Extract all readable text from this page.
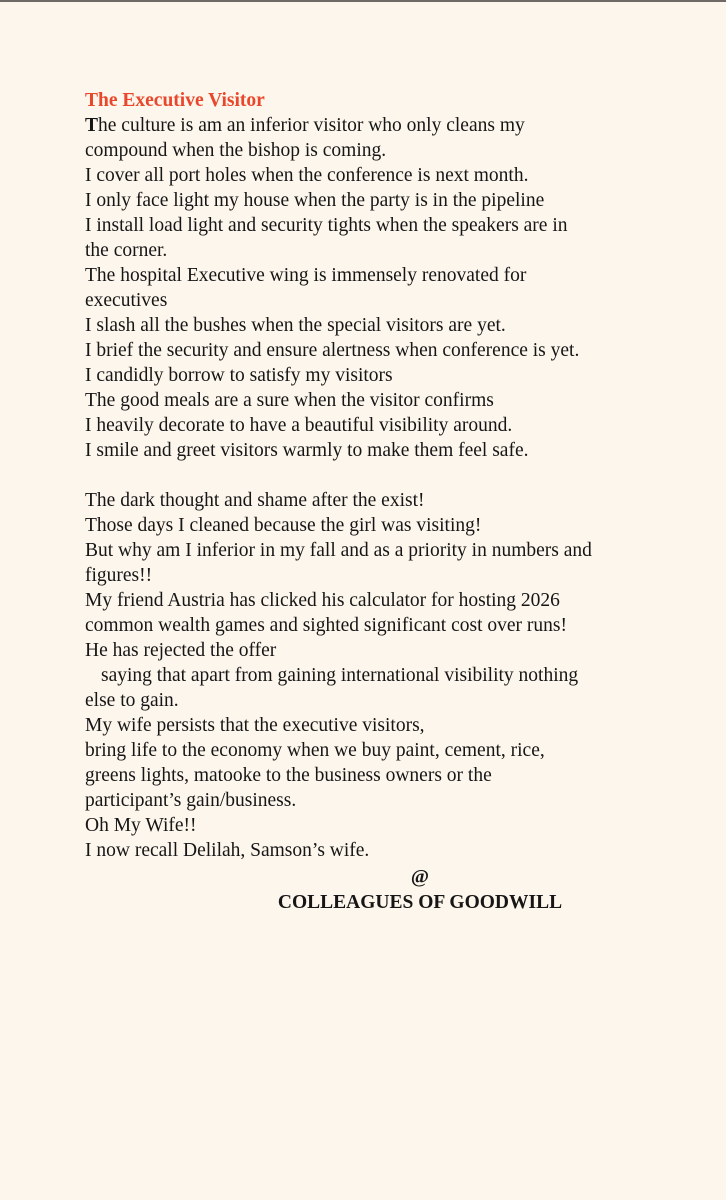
The Executive Visitor

The culture is am an inferior visitor who only cleans my
compound when the bishop is coming.
I cover all port holes when the conference is next month.
I only face light my house when the party is in the pipeline
I install load light and security tights when the speakers are in
the corner.
The hospital Executive wing is immensely renovated for
executives
I slash all the bushes when the special visitors are yet.
I brief the security and ensure alertness when conference is yet.
I candidly borrow to satisfy my visitors
The good meals are a sure when the visitor confirms
I heavily decorate to have a beautiful visibility around.
I smile and greet visitors warmly to make them feel safe.
The dark thought and shame after the exist!
Those days I cleaned because the girl was visiting!
But why am I inferior in my fall and as a priority in numbers and
figures!!
My friend Austria has clicked his calculator for hosting 2026
common wealth games and sighted significant cost over runs!
He has rejected the offer
saying that apart from gaining international visibility nothing
else to gain.
My wife persists that the executive visitors,
bring life to the economy when we buy paint, cement, rice,
greens lights, matooke to the business owners or the
participant’s gain/business.
Oh My Wife!!
I now recall Delilah, Samson’s wife.
@
COLLEAGUES OF GOODWILL
